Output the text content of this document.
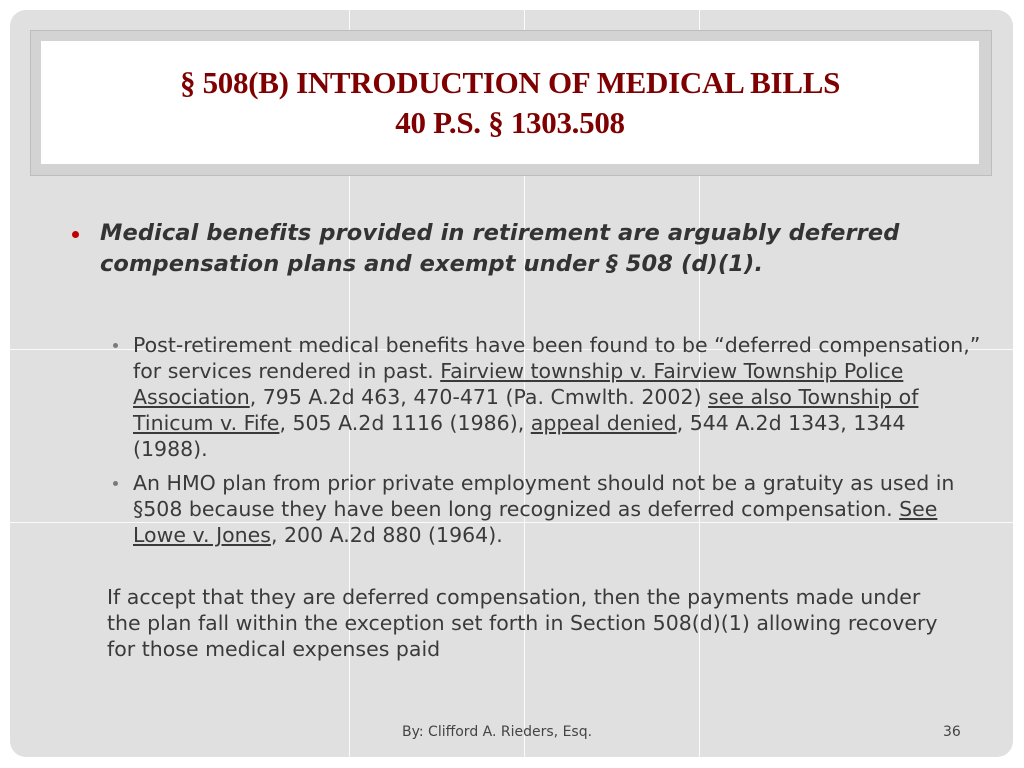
§ 508(B) INTRODUCTION OF MEDICAL BILLS
40 P.S. § 1303.508
Medical benefits provided in retirement are arguably deferred compensation plans and exempt under § 508 (d)(1).
Post-retirement medical benefits have been found to be “deferred compensation,” for services rendered in past. Fairview township v. Fairview Township Police Association, 795 A.2d 463, 470-471 (Pa. Cmwlth. 2002) see also Township of Tinicum v. Fife, 505 A.2d 1116 (1986), appeal denied, 544 A.2d 1343, 1344 (1988).
An HMO plan from prior private employment should not be a gratuity as used in §508 because they have been long recognized as deferred compensation. See Lowe v. Jones, 200 A.2d 880 (1964).
If accept that they are deferred compensation, then the payments made under the plan fall within the exception set forth in Section 508(d)(1) allowing recovery for those medical expenses paid
By: Clifford A. Rieders, Esq.	36
